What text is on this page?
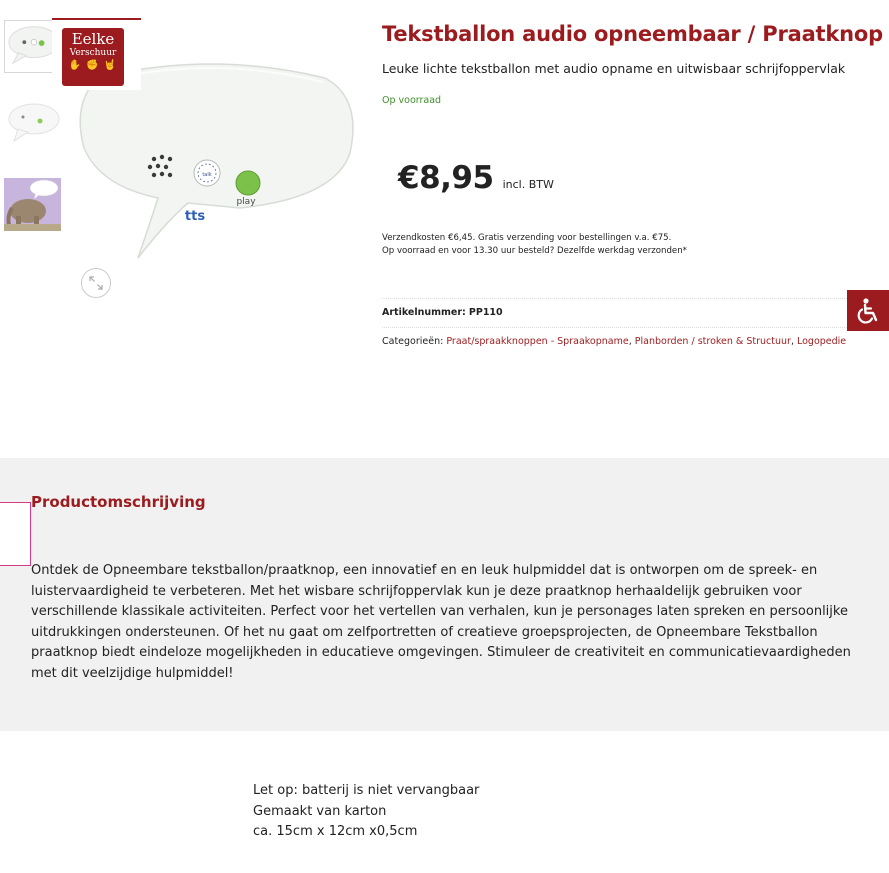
talk
play
tts
Eelke
Verschuur
✋ ✊ 🤘
Tekstballon audio opneembaar / Praatknop

Leuke lichte tekstballon met audio opname en uitwisbaar schrijfoppervlak

Op voorraad

€8,95 incl. BTW
Verzendkosten €6,45. Gratis verzending voor bestellingen v.a. €75.
Op voorraad en voor 13.30 uur besteld? Dezelfde werkdag verzonden*
Artikelnummer: PP110
Categorieën: Praat/spraakknoppen - Spraakopname, Planborden / stroken & Structuur, Logopedie
Productomschrijving

Ontdek de Opneembare tekstballon/praatknop, een innovatief en en leuk hulpmiddel dat is ontworpen om de spreek- en luistervaardigheid te verbeteren. Met het wisbare schrijfoppervlak kun je deze praatknop herhaaldelijk gebruiken voor verschillende klassikale activiteiten. Perfect voor het vertellen van verhalen, kun je personages laten spreken en persoonlijke uitdrukkingen ondersteunen. Of het nu gaat om zelfportretten of creatieve groepsprojecten, de Opneembare Tekstballon praatknop biedt eindeloze mogelijkheden in educatieve omgevingen. Stimuleer de creativiteit en communicatievaardigheden met dit veelzijdige hulpmiddel!

Let op: batterij is niet vervangbaar
Gemaakt van karton
ca. 15cm x 12cm x0,5cm
